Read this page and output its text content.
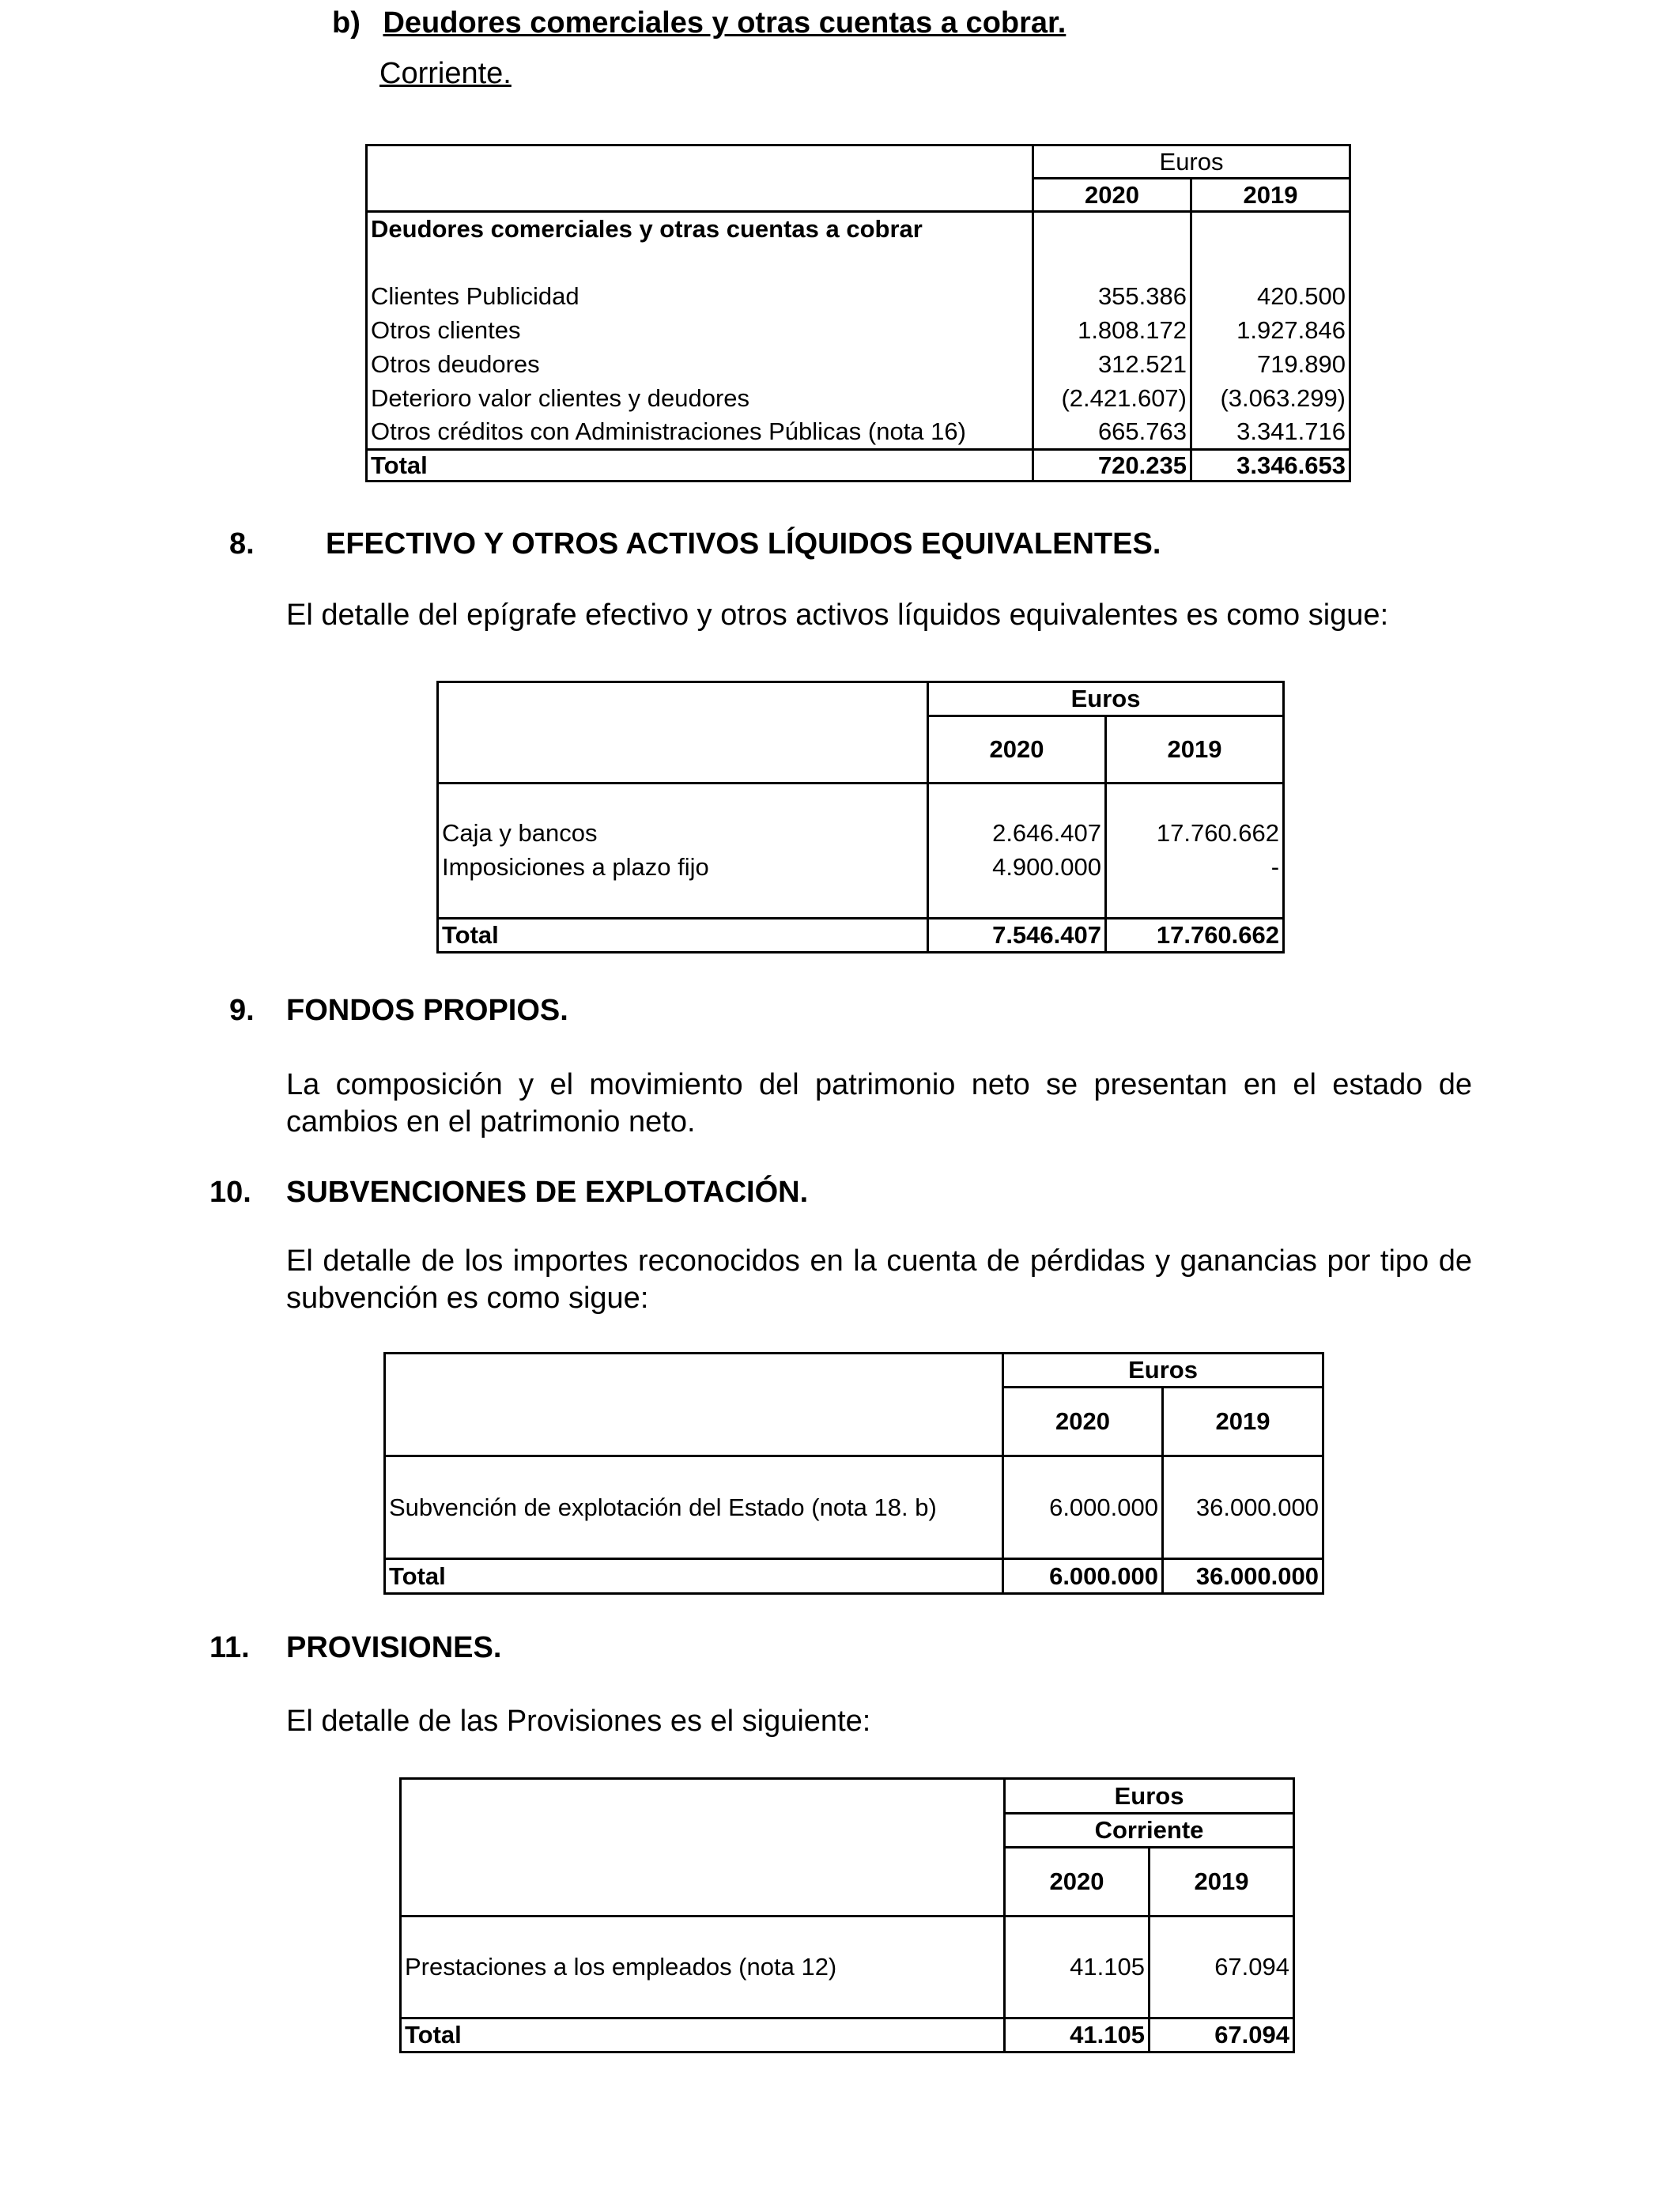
b) Deudores comerciales y otras cuentas a cobrar.
Corriente.
	Euros	
	2020	2019
Deudores comerciales y otras cuentas a cobrar		

Clientes Publicidad	355.386	420.500
Otros clientes	1.808.172	1.927.846
Otros deudores	312.521	719.890
Deterioro valor clientes y deudores	(2.421.607)	(3.063.299)
Otros créditos con Administraciones Públicas (nota 16)	665.763	3.341.716
Total	720.235	3.346.653
8. EFECTIVO Y OTROS ACTIVOS LÍQUIDOS EQUIVALENTES.
El detalle del epígrafe efectivo y otros activos líquidos equivalentes es como sigue:
	Euros	
	2020	2019

Caja y bancos	2.646.407	17.760.662
Imposiciones a plazo fijo	4.900.000	-

Total	7.546.407	17.760.662
9. FONDOS PROPIOS.
La composición y el movimiento del patrimonio neto se presentan en el estado de cambios en el patrimonio neto.
10. SUBVENCIONES DE EXPLOTACIÓN.
El detalle de los importes reconocidos en la cuenta de pérdidas y ganancias por tipo de subvención es como sigue:
	Euros	
	2020	2019
Subvención de explotación del Estado (nota 18. b)	6.000.000	36.000.000
Total	6.000.000	36.000.000
11. PROVISIONES.
El detalle de las Provisiones es el siguiente:
	Euros	
	Corriente	
	2020	2019
Prestaciones a los empleados (nota 12)	41.105	67.094
Total	41.105	67.094
